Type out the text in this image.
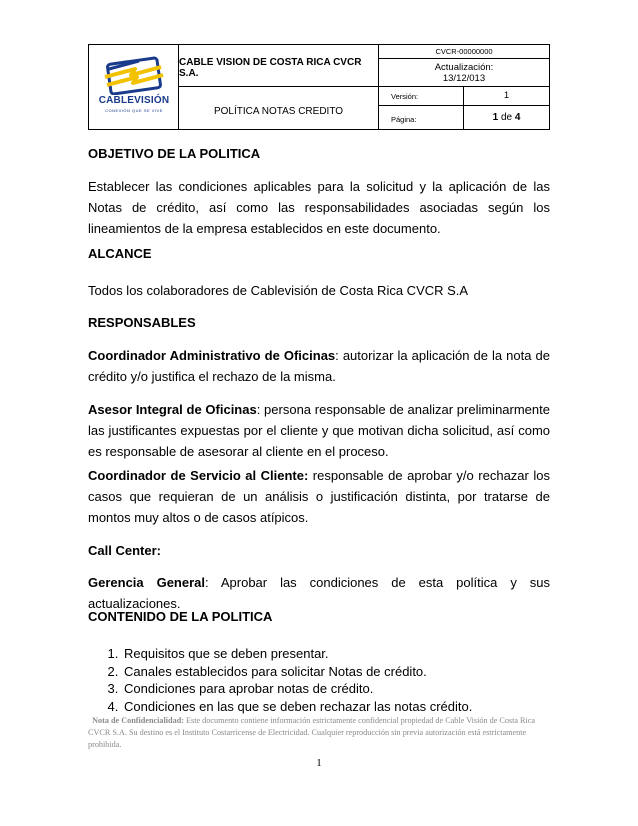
CABLEVISIÓN
CONEXIÓN QUE SE VIVE
CABLE VISION DE COSTA RICA CVCR S.A.
POLÍTICA NOTAS CREDITO
CVCR-00000000
Actualización:
13/12/013
Versión:	1
Página:	1 de 4
OBJETIVO DE LA POLITICA
Establecer las condiciones aplicables para la solicitud y la aplicación de las Notas de crédito, así como las responsabilidades asociadas según los lineamientos de la empresa establecidos en este documento.
ALCANCE
Todos los colaboradores de Cablevisión de Costa Rica CVCR S.A
RESPONSABLES
Coordinador Administrativo de Oficinas: autorizar la aplicación de la nota de crédito y/o justifica el rechazo de la misma.
Asesor Integral de Oficinas: persona responsable de analizar preliminarmente las justificantes expuestas por el cliente y que motivan dicha solicitud, así como es responsable de asesorar al cliente en el proceso.
Coordinador de Servicio al Cliente: responsable de aprobar y/o rechazar los casos que requieran de un análisis o justificación distinta, por tratarse de montos muy altos o de casos atípicos.
Call Center:
Gerencia General: Aprobar las condiciones de esta política y sus actualizaciones.
CONTENIDO DE LA POLITICA
1. Requisitos que se deben presentar.
2. Canales establecidos para solicitar Notas de crédito.
3. Condiciones para aprobar notas de crédito.
4. Condiciones en las que se deben rechazar las notas crédito.
Nota de Confidencialidad: Este documento contiene información estrictamente confidencial propiedad de Cable Visión de Costa Rica CVCR S.A. Su destino es el Instituto Costarricense de Electricidad. Cualquier reproducción sin previa autorización está estrictamente prohibida.
1
